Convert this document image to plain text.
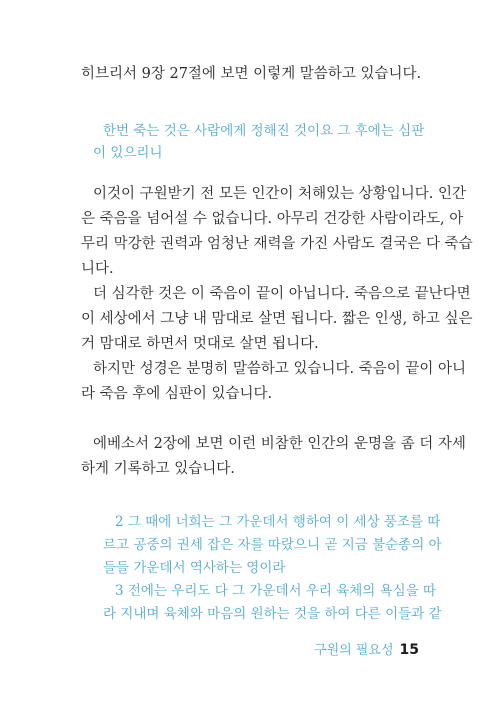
히브리서 9장 27절에 보면 이렇게 말씀하고 있습니다.
한번 죽는 것은 사람에게 정해진 것이요 그 후에는 심판
이 있으리니
이것이 구원받기 전 모든 인간이 처해있는 상황입니다. 인간
은 죽음을 넘어설 수 없습니다. 아무리 건강한 사람이라도, 아
무리 막강한 권력과 엄청난 재력을 가진 사람도 결국은 다 죽습
니다.
더 심각한 것은 이 죽음이 끝이 아닙니다. 죽음으로 끝난다면
이 세상에서 그냥 내 맘대로 살면 됩니다. 짧은 인생, 하고 싶은
거 맘대로 하면서 멋대로 살면 됩니다.
하지만 성경은 분명히 말씀하고 있습니다. 죽음이 끝이 아니
라 죽음 후에 심판이 있습니다.
에베소서 2장에 보면 이런 비참한 인간의 운명을 좀 더 자세
하게 기록하고 있습니다.
2 그 때에 너희는 그 가운데서 행하여 이 세상 풍조를 따
르고 공중의 권세 잡은 자를 따랐으니 곧 지금 불순종의 아
들들 가운데서 역사하는 영이라
3 전에는 우리도 다 그 가운데서 우리 육체의 욕심을 따
라 지내며 육체와 마음의 원하는 것을 하여 다른 이들과 같
구원의 필요성 15
